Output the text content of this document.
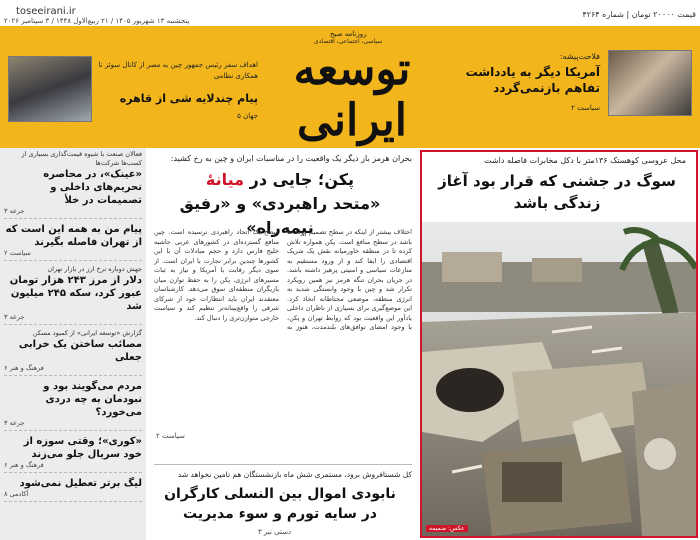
toseeirani.ir	قیمت ۲۰۰۰۰ تومان | شماره ۴۲۶۴
پنجشنبه ۱۳ شهریور ۱۴۰۵ / ۲۱ ربیع‌الاول ۱۴۴۸ / ۳ سپتامبر ۲۰۲۶
روزنامه صبح
سیاسی، اجتماعی، اقتصادی
توسعه ایرانی
فلاحت‌پیشه:
آمریکا دیگر به یادداشت تفاهم بازنمی‌گردد
سیاست ۲
اهداف سفر رئیس جمهور چین به مصر از کانال سوئز تا همکاری نظامی
پیام چندلایه شی از قاهره
جهان ۵
فعالان صنعت با شیوه قیمت‌گذاری بسیاری از کسب‌ها شرکت‌ها
«عینک»، در محاصره تحریم‌های داخلی و تصمیمات در خلأ
جرعه ۳
پیام من به همه این است که از تهران فاصله بگیرند
سیاست ۲
جهش دوباره نرخ ارز در بازار تهران
دلار از مرز ۲۴۳ هزار تومان عبور کرد، سکه ۲۴۵ میلیون شد
جرعه ۳
گزارش «توسعه ایرانی» از کمبود مسکن
مصائب ساختن یک خرابی جعلی
فرهنگ و هنر ۶
مردم می‌گویند بود و نبودمان به چه دردی می‌خورد؟
جرعه ۳
«کوری»؛ وقتی سوزه از خود سریال جلو می‌زند
فرهنگ و هنر ۶
لیگ برتر تعطیل نمی‌شود
آکادمی ۸
بحران هرمز باز دیگر یک واقعیت را در مناسبات ایران و چین به رخ کشید:
پکن؛ جایی در میانهٔ
«متحد راهبردی» و «رفیق نیمه‌راه»
اختلاف بیشتر از اینکه در سطح تصمیم دولت‌ها باشد در سطح منافع است. پکن همواره تلاش کرده تا در منطقه خاورمیانه نقش یک شریک اقتصادی را ایفا کند و از ورود مستقیم به منازعات سیاسی و امنیتی پرهیز داشته باشد. در جریان بحران تنگه هرمز نیز همین رویکرد تکرار شد و چین با وجود وابستگی شدید به انرژی منطقه، موضعی محتاطانه اتخاذ کرد. این موضع‌گیری برای بسیاری از ناظران داخلی یادآور این واقعیت بود که روابط تهران و پکن، با وجود امضای توافق‌های بلندمدت، هنوز به سطح یک اتحاد راهبردی نرسیده است. چین منافع گسترده‌ای در کشورهای عربی حاشیه خلیج فارس دارد و حجم مبادلات آن با این کشورها چندین برابر تجارت با ایران است. از سوی دیگر رقابت با آمریکا و نیاز به ثبات مسیرهای انرژی، پکن را به حفظ توازن میان بازیگران منطقه‌ای سوق می‌دهد. کارشناسان معتقدند ایران باید انتظارات خود از شرکای شرقی را واقع‌بینانه‌تر تنظیم کند و سیاست خارجی متوازن‌تری را دنبال کند.
سیاست ۲
کل شستافروش برود، مستمری شش ماه بازنشستگان هم تامین نخواهد شد
نابودی اموال بین النسلی کارگران در سایه تورم و سوء مدیریت
دستی نبر ۳
محل عروسی کوهستک ۱۳۶متر با دکل مخابرات فاصله داشت
سوگ در جشنی که قرار بود آغاز زندگی باشد
عکس: ضمیمه
